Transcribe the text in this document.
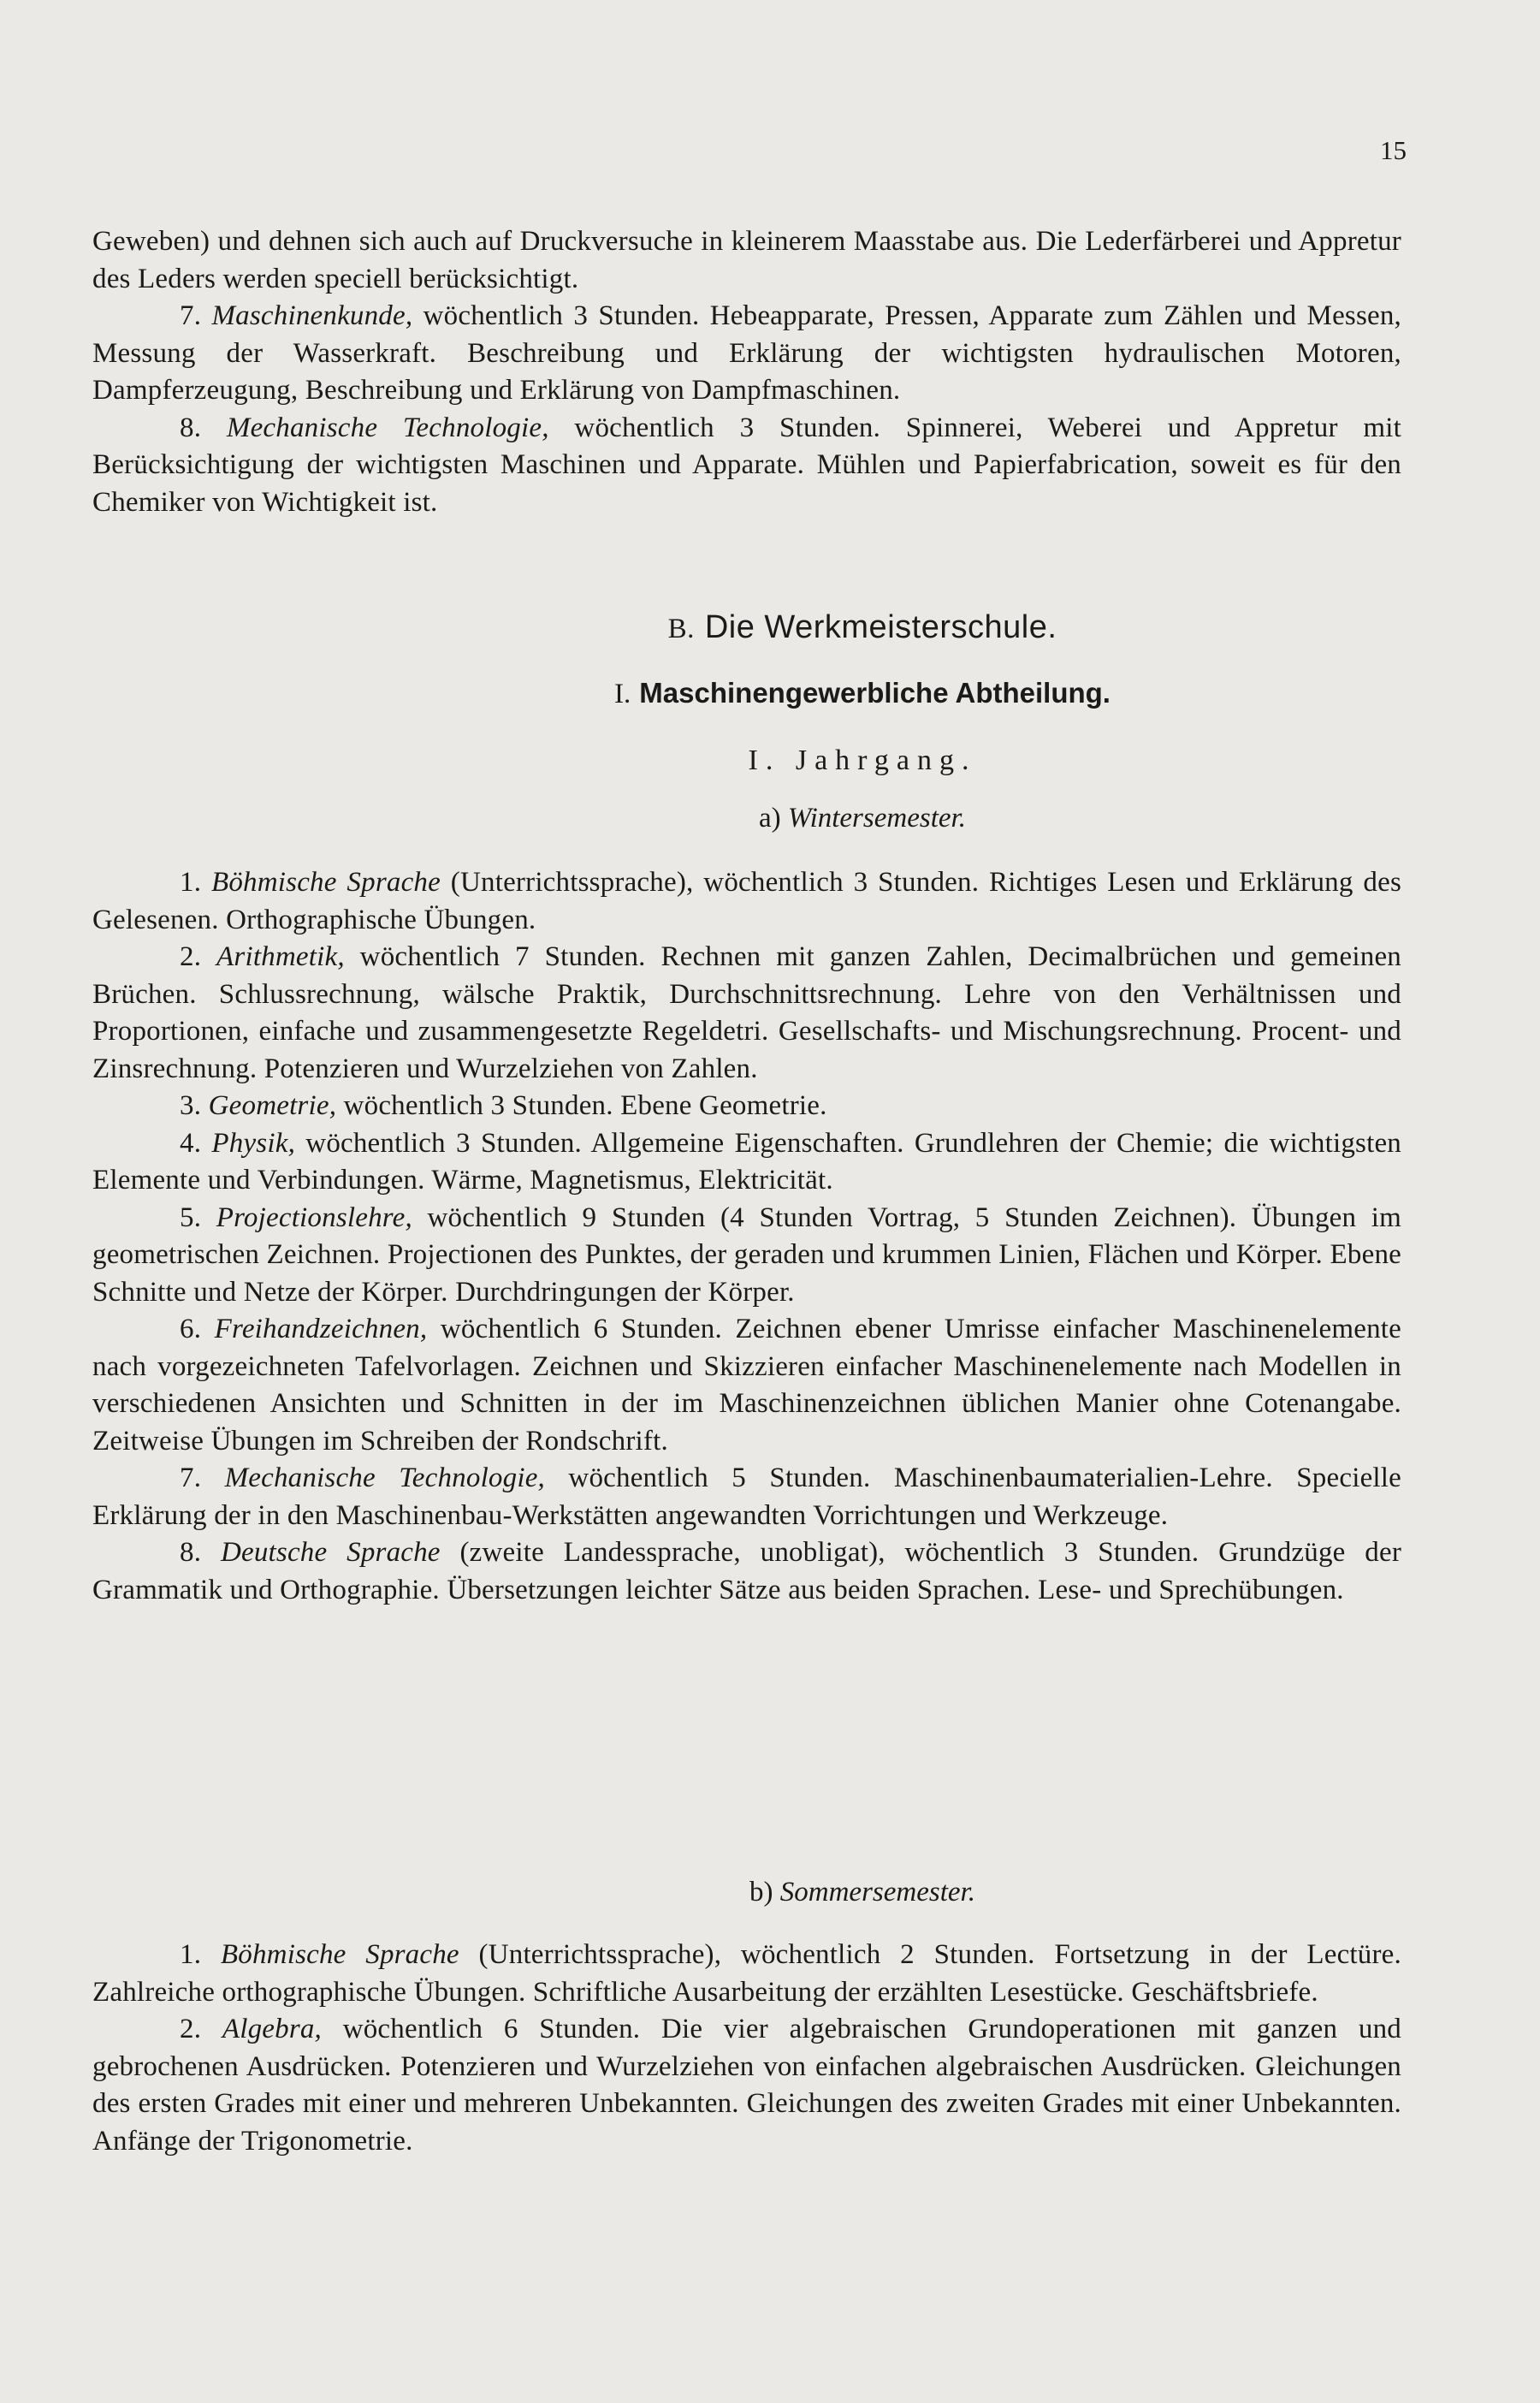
15

Geweben) und dehnen sich auch auf Druckversuche in kleinerem Maasstabe aus. Die Lederfärberei und Appretur des Leders werden speciell berücksichtigt.

7. Maschinenkunde, wöchentlich 3 Stunden. Hebeapparate, Pressen, Apparate zum Zählen und Messen, Messung der Wasserkraft. Beschreibung und Erklärung der wichtigsten hydraulischen Motoren, Dampferzeugung, Beschreibung und Erklärung von Dampfmaschinen.

8. Mechanische Technologie, wöchentlich 3 Stunden. Spinnerei, Weberei und Appretur mit Berücksichtigung der wichtigsten Maschinen und Apparate. Mühlen und Papierfabrication, soweit es für den Chemiker von Wichtigkeit ist.

B. Die Werkmeisterschule.
I. Maschinengewerbliche Abtheilung.
I. Jahrgang.
a) Wintersemester.

1. Böhmische Sprache (Unterrichtssprache), wöchentlich 3 Stunden. Richtiges Lesen und Erklärung des Gelesenen. Orthographische Übungen.

2. Arithmetik, wöchentlich 7 Stunden. Rechnen mit ganzen Zahlen, Decimalbrüchen und gemeinen Brüchen. Schlussrechnung, wälsche Praktik, Durchschnittsrechnung. Lehre von den Verhältnissen und Proportionen, einfache und zusammengesetzte Regeldetri. Gesellschafts- und Mischungsrechnung. Procent- und Zinsrechnung. Potenzieren und Wurzelziehen von Zahlen.

3. Geometrie, wöchentlich 3 Stunden. Ebene Geometrie.

4. Physik, wöchentlich 3 Stunden. Allgemeine Eigenschaften. Grundlehren der Chemie; die wichtigsten Elemente und Verbindungen. Wärme, Magnetismus, Elektricität.

5. Projectionslehre, wöchentlich 9 Stunden (4 Stunden Vortrag, 5 Stunden Zeichnen). Übungen im geometrischen Zeichnen. Projectionen des Punktes, der geraden und krummen Linien, Flächen und Körper. Ebene Schnitte und Netze der Körper. Durchdringungen der Körper.

6. Freihandzeichnen, wöchentlich 6 Stunden. Zeichnen ebener Umrisse einfacher Maschinenelemente nach vorgezeichneten Tafelvorlagen. Zeichnen und Skizzieren einfacher Maschinenelemente nach Modellen in verschiedenen Ansichten und Schnitten in der im Maschinenzeichnen üblichen Manier ohne Cotenangabe. Zeitweise Übungen im Schreiben der Rondschrift.

7. Mechanische Technologie, wöchentlich 5 Stunden. Maschinenbaumaterialien-Lehre. Specielle Erklärung der in den Maschinenbau-Werkstätten angewandten Vorrichtungen und Werkzeuge.

8. Deutsche Sprache (zweite Landessprache, unobligat), wöchentlich 3 Stunden. Grundzüge der Grammatik und Orthographie. Übersetzungen leichter Sätze aus beiden Sprachen. Lese- und Sprechübungen.

b) Sommersemester.

1. Böhmische Sprache (Unterrichtssprache), wöchentlich 2 Stunden. Fortsetzung in der Lectüre. Zahlreiche orthographische Übungen. Schriftliche Ausarbeitung der erzählten Lesestücke. Geschäftsbriefe.

2. Algebra, wöchentlich 6 Stunden. Die vier algebraischen Grundoperationen mit ganzen und gebrochenen Ausdrücken. Potenzieren und Wurzelziehen von einfachen algebraischen Ausdrücken. Gleichungen des ersten Grades mit einer und mehreren Unbekannten. Gleichungen des zweiten Grades mit einer Unbekannten. Anfänge der Trigonometrie.
